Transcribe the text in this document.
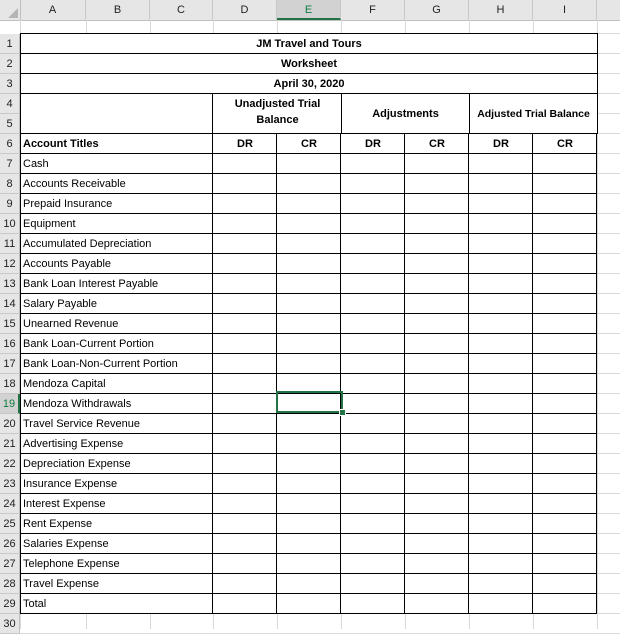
A	B	C	D	E	F	G	H	I
1
2
3
4
5
6
7
8
9
10
11
12
13
14
15
16
17
18
19
20
21
22
23
24
25
26
27
28
29
30
JM Travel and Tours
Worksheet
April 30, 2020
Unadjusted Trial Balance	Adjustments	Adjusted Trial Balance
Account Titles	DR	CR	DR	CR	DR	CR
Cash
Accounts Receivable
Prepaid Insurance
Equipment
Accumulated Depreciation
Accounts Payable
Bank Loan Interest Payable
Salary Payable
Unearned Revenue
Bank Loan-Current Portion
Bank Loan-Non-Current Portion
Mendoza Capital
Mendoza Withdrawals
Travel Service Revenue
Advertising Expense
Depreciation Expense
Insurance Expense
Interest Expense
Rent Expense
Salaries Expense
Telephone Expense
Travel Expense
Total
